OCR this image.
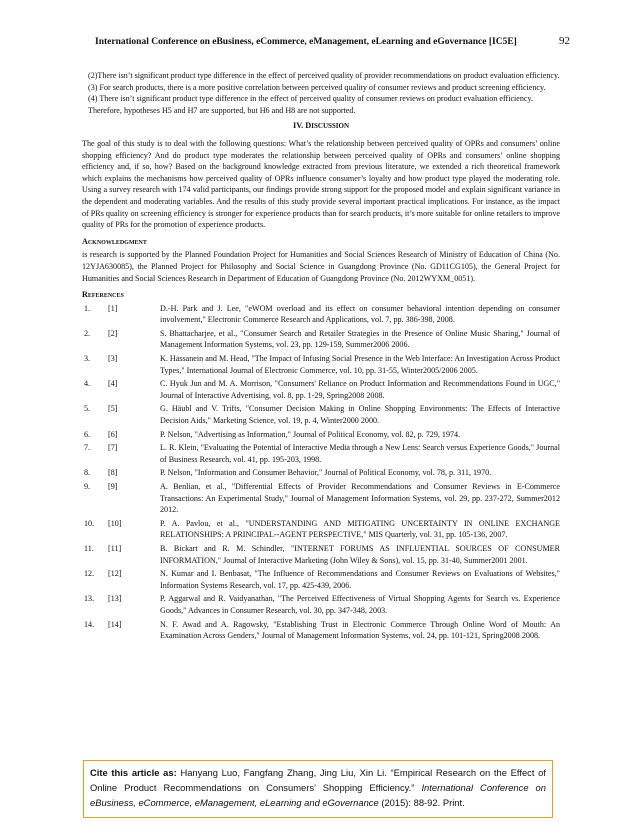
International Conference on eBusiness, eCommerce, eManagement, eLearning and eGovernance [IC5E]	92

(2)There isn’t significant product type difference in the effect of perceived quality of provider recommendations on product evaluation efficiency.

(3) For search products, there is a more positive correlation between perceived quality of consumer reviews and product screening efficiency.

(4) There isn’t significant product type difference in the effect of perceived quality of consumer reviews on product evaluation efficiency.

Therefore, hypotheses H5 and H7 are supported, but H6 and H8 are not supported.

IV. DISCUSSION

The goal of this study is to deal with the following questions: What’s the relationship between perceived quality of OPRs and consumers’ online shopping efficiency? And do product type moderates the relationship between perceived quality of OPRs and consumers’ online shopping efficiency and, if so, how? Based on the background knowledge extracted from previous literature, we extended a rich theoretical framework which explains the mechanisms how perceived quality of OPRs influence consumer’s loyalty and how product type played the moderating role. Using a survey research with 174 valid participants, our findings provide strong support for the proposed model and explain significant variance in the dependent and moderating variables. And the results of this study provide several important practical implications. For instance, as the impact of PRs quality on screening efficiency is stronger for experience products than for search products, it’s more suitable for online retailers to improve quality of PRs for the promotion of experience products.

Acknowledgment

is research is supported by the Planned Foundation Project for Humanities and Social Sciences Research of Ministry of Education of China (No. 12YJA630085), the Planned Project for Philosophy and Social Science in Guangdong Province (No. GD11CG105), the General Project for Humanities and Social Sciences Research in Department of Education of Guangdong Province (No. 2012WYXM_0051).

References
1.	[1]	D.-H. Park and J. Lee, "eWOM overload and its effect on consumer behavioral intention depending on consumer involvement," Electronic Commerce Research and Applications, vol. 7, pp. 386-398, 2008.
2.	[2]	S. Bhattacharjee, et al., "Consumer Search and Retailer Strategies in the Presence of Online Music Sharing," Journal of Management Information Systems, vol. 23, pp. 129-159, Summer2006 2006.
3.	[3]	K. Hassanein and M. Head, "The Impact of Infusing Social Presence in the Web Interface: An Investigation Across Product Types," International Journal of Electronic Commerce, vol. 10, pp. 31-55, Winter2005/2006 2005.
4.	[4]	C. Hyuk Jun and M. A. Morrison, "Consumers' Reliance on Product Information and Recommendations Found in UGC," Journal of Interactive Advertising, vol. 8, pp. 1-29, Spring2008 2008.
5.	[5]	G. Häubl and V. Trifts, "Consumer Decision Making in Online Shopping Environments: The Effects of Interactive Decision Aids," Marketing Science, vol. 19, p. 4, Winter2000 2000.
6.	[6]	P. Nelson, "Advertising as Information," Journal of Political Economy, vol. 82, p. 729, 1974.
7.	[7]	L. R. Klein, "Evaluating the Potential of Interactive Media through a New Lens: Search versus Experience Goods," Journal of Business Research, vol. 41, pp. 195-203, 1998.
8.	[8]	P. Nelson, "Information and Consumer Behavior," Journal of Political Economy, vol. 78, p. 311, 1970.
9.	[9]	A. Benlian, et al., "Differential Effects of Provider Recommendations and Consumer Reviews in E-Commerce Transactions: An Experimental Study," Journal of Management Information Systems, vol. 29, pp. 237-272, Summer2012 2012.
10.	[10]	P. A. Pavlou, et al., "UNDERSTANDING AND MITIGATING UNCERTAINTY IN ONLINE EXCHANGE RELATIONSHIPS: A PRINCIPAL--AGENT PERSPECTIVE," MIS Quarterly, vol. 31, pp. 105-136, 2007.
11.	[11]	B. Bickart and R. M. Schindler, "INTERNET FORUMS AS INFLUENTIAL SOURCES OF CONSUMER INFORMATION," Journal of Interactive Marketing (John Wiley & Sons), vol. 15, pp. 31-40, Summer2001 2001.
12.	[12]	N. Kumar and I. Benbasat, "The Influence of Recommendations and Consumer Reviews on Evaluations of Websites," Information Systems Research, vol. 17, pp. 425-439, 2006.
13.	[13]	P. Aggarwal and R. Vaidyanathan, "The Perceived Effectiveness of Virtual Shopping Agents for Search vs. Experience Goods," Advances in Consumer Research, vol. 30, pp. 347-348, 2003.
14.	[14]	N. F. Awad and A. Ragowsky, "Establishing Trust in Electronic Commerce Through Online Word of Mouth: An Examination Across Genders," Journal of Management Information Systems, vol. 24, pp. 101-121, Spring2008 2008.
Cite this article as: Hanyang Luo, Fangfang Zhang, Jing Liu, Xin Li. “Empirical Research on the Effect of Online Product Recommendations on Consumers’ Shopping Efficiency.” International Conference on eBusiness, eCommerce, eManagement, eLearning and eGovernance (2015): 88-92. Print.
